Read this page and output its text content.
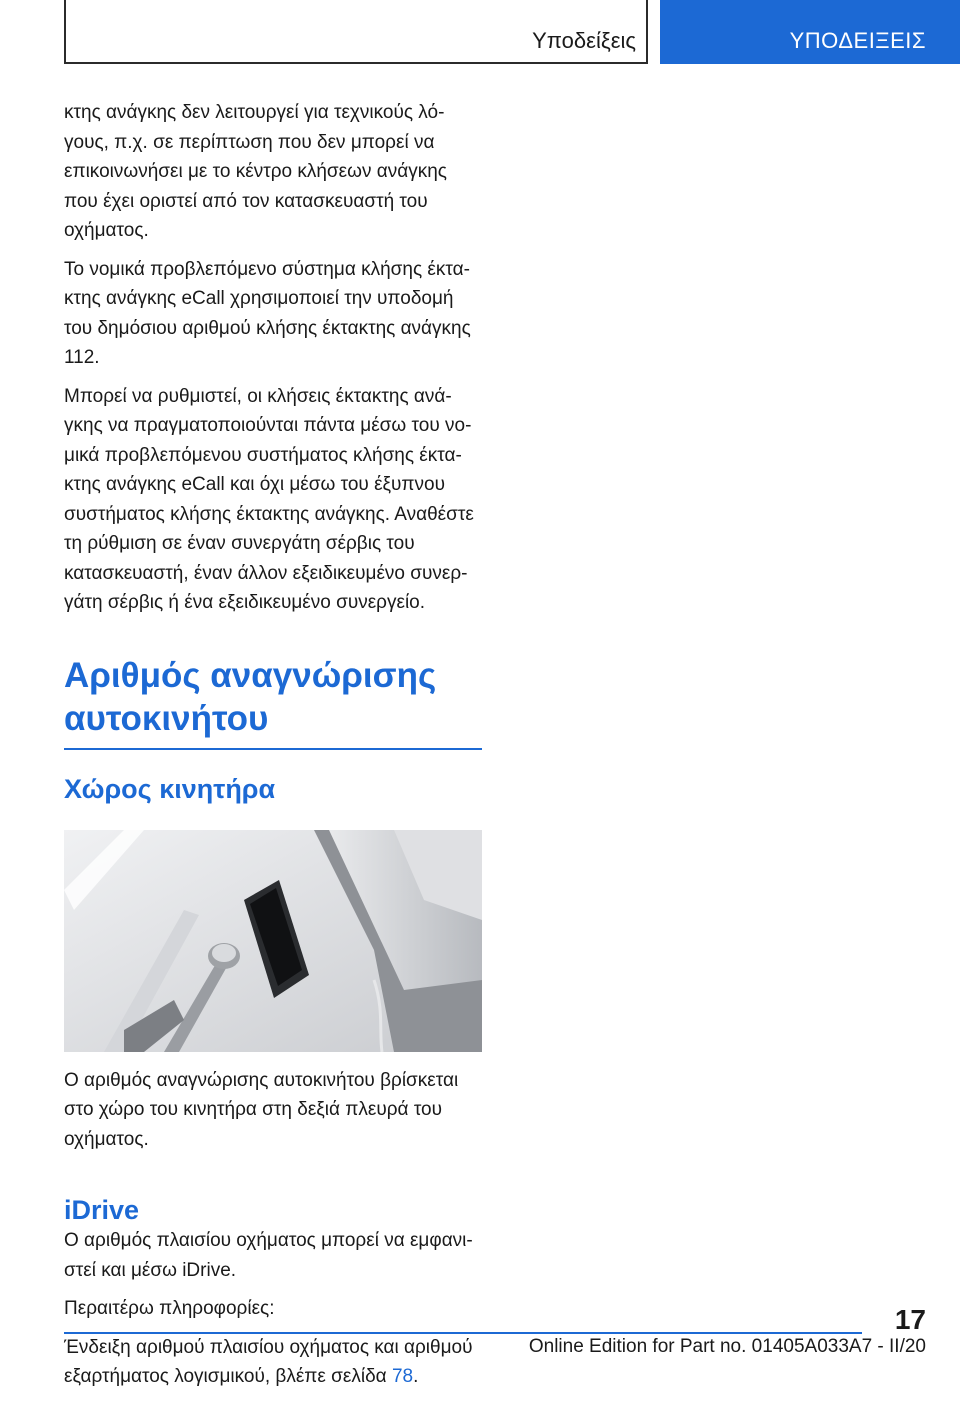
Υποδείξεις	ΥΠΟΔΕΙΞΕΙΣ

κτης ανάγκης δεν λειτουργεί για τεχνικούς λόγους, π.χ. σε περίπτωση που δεν μπορεί να επικοινωνήσει με το κέντρο κλήσεων ανάγκης που έχει οριστεί από τον κατασκευαστή του οχήματος.

Το νομικά προβλεπόμενο σύστημα κλήσης έκτακτης ανάγκης eCall χρησιμοποιεί την υποδομή του δημόσιου αριθμού κλήσης έκτακτης ανάγκης 112.

Μπορεί να ρυθμιστεί, οι κλήσεις έκτακτης ανάγκης να πραγματοποιούνται πάντα μέσω του νομικά προβλεπόμενου συστήματος κλήσης έκτακτης ανάγκης eCall και όχι μέσω του έξυπνου συστήματος κλήσης έκτακτης ανάγκης. Αναθέστε τη ρύθμιση σε έναν συνεργάτη σέρβις του κατασκευαστή, έναν άλλον εξειδικευμένο συνεργάτη σέρβις ή ένα εξειδικευμένο συνεργείο.

Αριθμός αναγνώρισης αυτοκινήτου
Χώρος κινητήρα

Ο αριθμός αναγνώρισης αυτοκινήτου βρίσκεται στο χώρο του κινητήρα στη δεξιά πλευρά του οχήματος.

iDrive

Ο αριθμός πλαισίου οχήματος μπορεί να εμφανιστεί και μέσω iDrive.

Περαιτέρω πληροφορίες:

Ένδειξη αριθμού πλαισίου οχήματος και αριθμού εξαρτήματος λογισμικού, βλέπε σελίδα 78.

17
Online Edition for Part no. 01405A033A7 - II/20
